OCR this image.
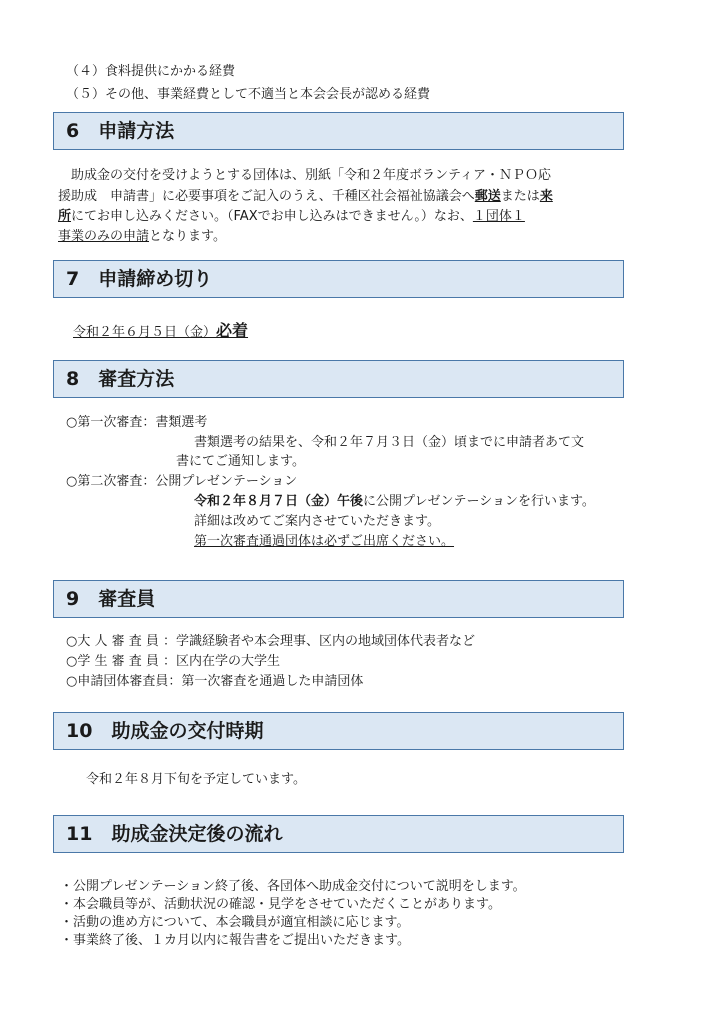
（４）食料提供にかかる経費
（５）その他、事業経費として不適当と本会会長が認める経費
6　申請方法
　助成金の交付を受けようとする団体は、別紙「令和２年度ボランティア・ＮＰＯ応
援助成　申請書」に必要事項をご記入のうえ、千種区社会福祉協議会へ郵送または来
所にてお申し込みください。（FAXでお申し込みはできません。）なお、１団体１
事業のみの申請となります。
7　申請締め切り
令和２年６月５日（金）必着
8　審査方法
○第一次審査：書類選考
書類選考の結果を、令和２年７月３日（金）頃までに申請者あて文
書にてご通知します。
○第二次審査：公開プレゼンテーション
令和２年８月７日（金）午後に公開プレゼンテーションを行います。
詳細は改めてご案内させていただきます。
第一次審査通過団体は必ずご出席ください。
9　審査員
○大 人 審 査 員 ：学識経験者や本会理事、区内の地域団体代表者など
○学 生 審 査 員 ：区内在学の大学生
○申請団体審査員：第一次審査を通過した申請団体
10　助成金の交付時期
令和２年８月下旬を予定しています。
11　助成金決定後の流れ
・公開プレゼンテーション終了後、各団体へ助成金交付について説明をします。
・本会職員等が、活動状況の確認・見学をさせていただくことがあります。
・活動の進め方について、本会職員が適宜相談に応じます。
・事業終了後、１カ月以内に報告書をご提出いただきます。
